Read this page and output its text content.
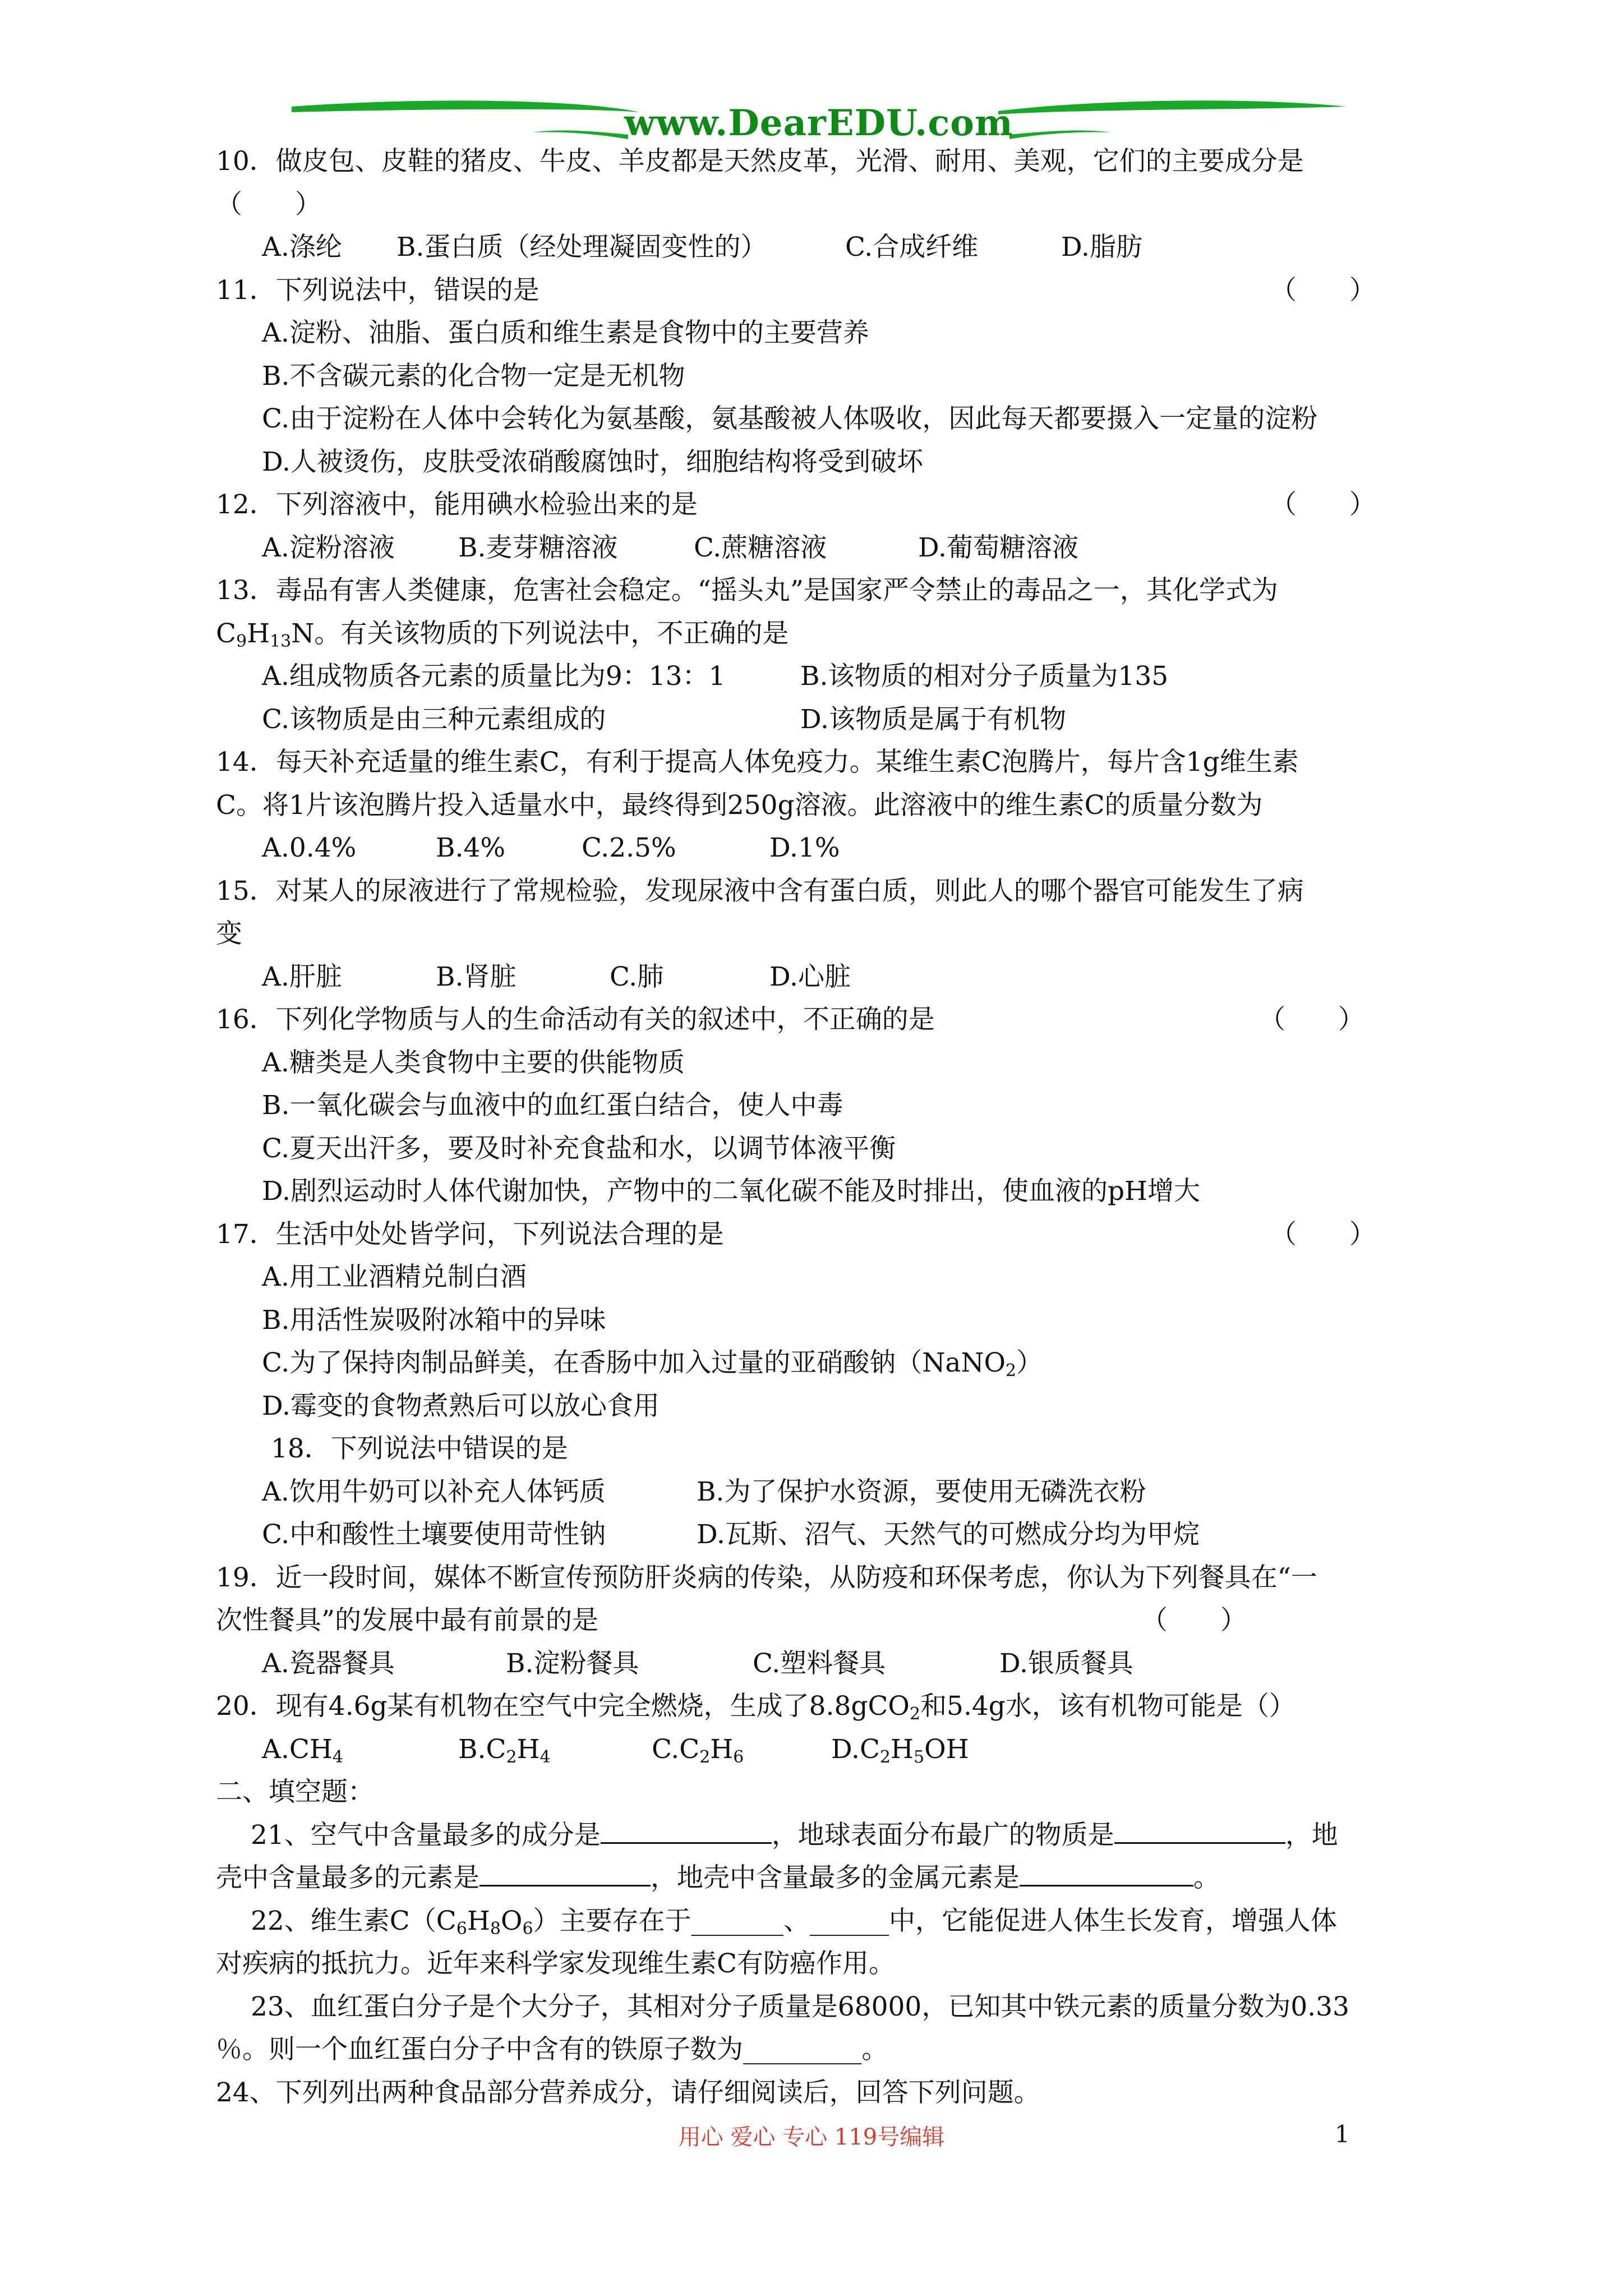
www.DearEDU.com
10．做皮包、皮鞋的猪皮、牛皮、羊皮都是天然皮革，光滑、耐用、美观，它们的主要成分是
（　　）
A.涤纶 B.蛋白质（经处理凝固变性的）	C.合成纤维	D.脂肪
11．下列说法中，错误的是	（　　）
A.淀粉、油脂、蛋白质和维生素是食物中的主要营养
B.不含碳元素的化合物一定是无机物
C.由于淀粉在人体中会转化为氨基酸，氨基酸被人体吸收，因此每天都要摄入一定量的淀粉
D.人被烫伤，皮肤受浓硝酸腐蚀时，细胞结构将受到破坏
12．下列溶液中，能用碘水检验出来的是	（　　）
A.淀粉溶液 B.麦芽糖溶液	C.蔗糖溶液	D.葡萄糖溶液
13．毒品有害人类健康，危害社会稳定。“摇头丸”是国家严令禁止的毒品之一，其化学式为
$C_9H_{13}N$。有关该物质的下列说法中，不正确的是
A.组成物质各元素的质量比为9：13：1	B.该物质的相对分子质量为135
C.该物质是由三种元素组成的	D.该物质是属于有机物
14．每天补充适量的维生素C，有利于提高人体免疫力。某维生素C泡腾片，每片含1g维生素
C。将1片该泡腾片投入适量水中，最终得到250g溶液。此溶液中的维生素C的质量分数为
A.0.4%	B.4%	C.2.5%	D.1%
15．对某人的尿液进行了常规检验，发现尿液中含有蛋白质，则此人的哪个器官可能发生了病
变
A.肝脏	B.肾脏	C.肺	D.心脏
16．下列化学物质与人的生命活动有关的叙述中，不正确的是	（　　）
A.糖类是人类食物中主要的供能物质
B.一氧化碳会与血液中的血红蛋白结合，使人中毒
C.夏天出汗多，要及时补充食盐和水，以调节体液平衡
D.剧烈运动时人体代谢加快，产物中的二氧化碳不能及时排出，使血液的pH增大
17．生活中处处皆学问，下列说法合理的是	（　　）
A.用工业酒精兑制白酒
B.用活性炭吸附冰箱中的异味
C.为了保持肉制品鲜美，在香肠中加入过量的亚硝酸钠（NaNO$_2$）
D.霉变的食物煮熟后可以放心食用
18．下列说法中错误的是
A.饮用牛奶可以补充人体钙质	B.为了保护水资源，要使用无磷洗衣粉
C.中和酸性土壤要使用苛性钠	D.瓦斯、沼气、天然气的可燃成分均为甲烷
19．近一段时间，媒体不断宣传预防肝炎病的传染，从防疫和环保考虑，你认为下列餐具在“一
次性餐具”的发展中最有前景的是	（　　）
A.瓷器餐具	B.淀粉餐具	C.塑料餐具	D.银质餐具
20．现有4.6g某有机物在空气中完全燃烧，生成了8.8gCO$_2$和5.4g水，该有机物可能是（）
$A.CH_4$	$B.C_2H_4$	$C.C_2H_6$	$D.C_2H_5OH$
二、填空题：
21、空气中含量最多的成分是	，地球表面分布最广的物质是	，地
壳中含量最多的元素是	，地壳中含量最多的金属元素是	。
22、维生素$C(C_6H_8O_6)$主要存在于_______、______中，它能促进人体生长发育，增强人体
对疾病的抵抗力。近年来科学家发现维生素C有防癌作用。
23、血红蛋白分子是个大分子，其相对分子质量是68000，已知其中铁元素的质量分数为0.33
％。则一个血红蛋白分子中含有的铁原子数为_________。
24、下列列出两种食品部分营养成分，请仔细阅读后，回答下列问题。
用心 爱心 专心 119号编辑	1
